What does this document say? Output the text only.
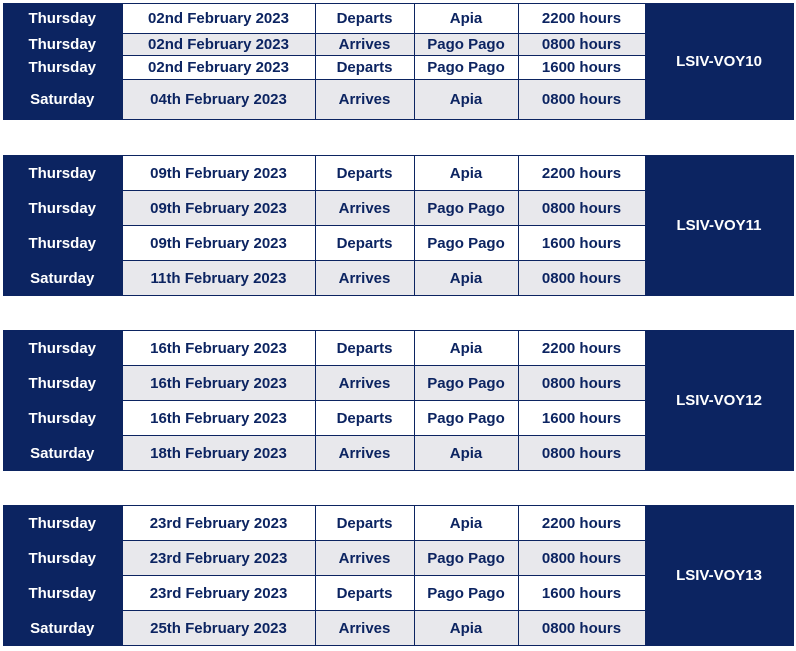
Thursday	02nd February 2023	Departs	Apia	2200 hours	LSIV-VOY10
Thursday	02nd February 2023	Arrives	Pago Pago	0800 hours	
Thursday	02nd February 2023	Departs	Pago Pago	1600 hours	
Saturday	04th February 2023	Arrives	Apia	0800 hours	
Thursday	09th February 2023	Departs	Apia	2200 hours	LSIV-VOY11
Thursday	09th February 2023	Arrives	Pago Pago	0800 hours	
Thursday	09th February 2023	Departs	Pago Pago	1600 hours	
Saturday	11th February 2023	Arrives	Apia	0800 hours	
Thursday	16th February 2023	Departs	Apia	2200 hours	LSIV-VOY12
Thursday	16th February 2023	Arrives	Pago Pago	0800 hours	
Thursday	16th February 2023	Departs	Pago Pago	1600 hours	
Saturday	18th February 2023	Arrives	Apia	0800 hours	
Thursday	23rd February 2023	Departs	Apia	2200 hours	LSIV-VOY13
Thursday	23rd February 2023	Arrives	Pago Pago	0800 hours	
Thursday	23rd February 2023	Departs	Pago Pago	1600 hours	
Saturday	25th February 2023	Arrives	Apia	0800 hours	
